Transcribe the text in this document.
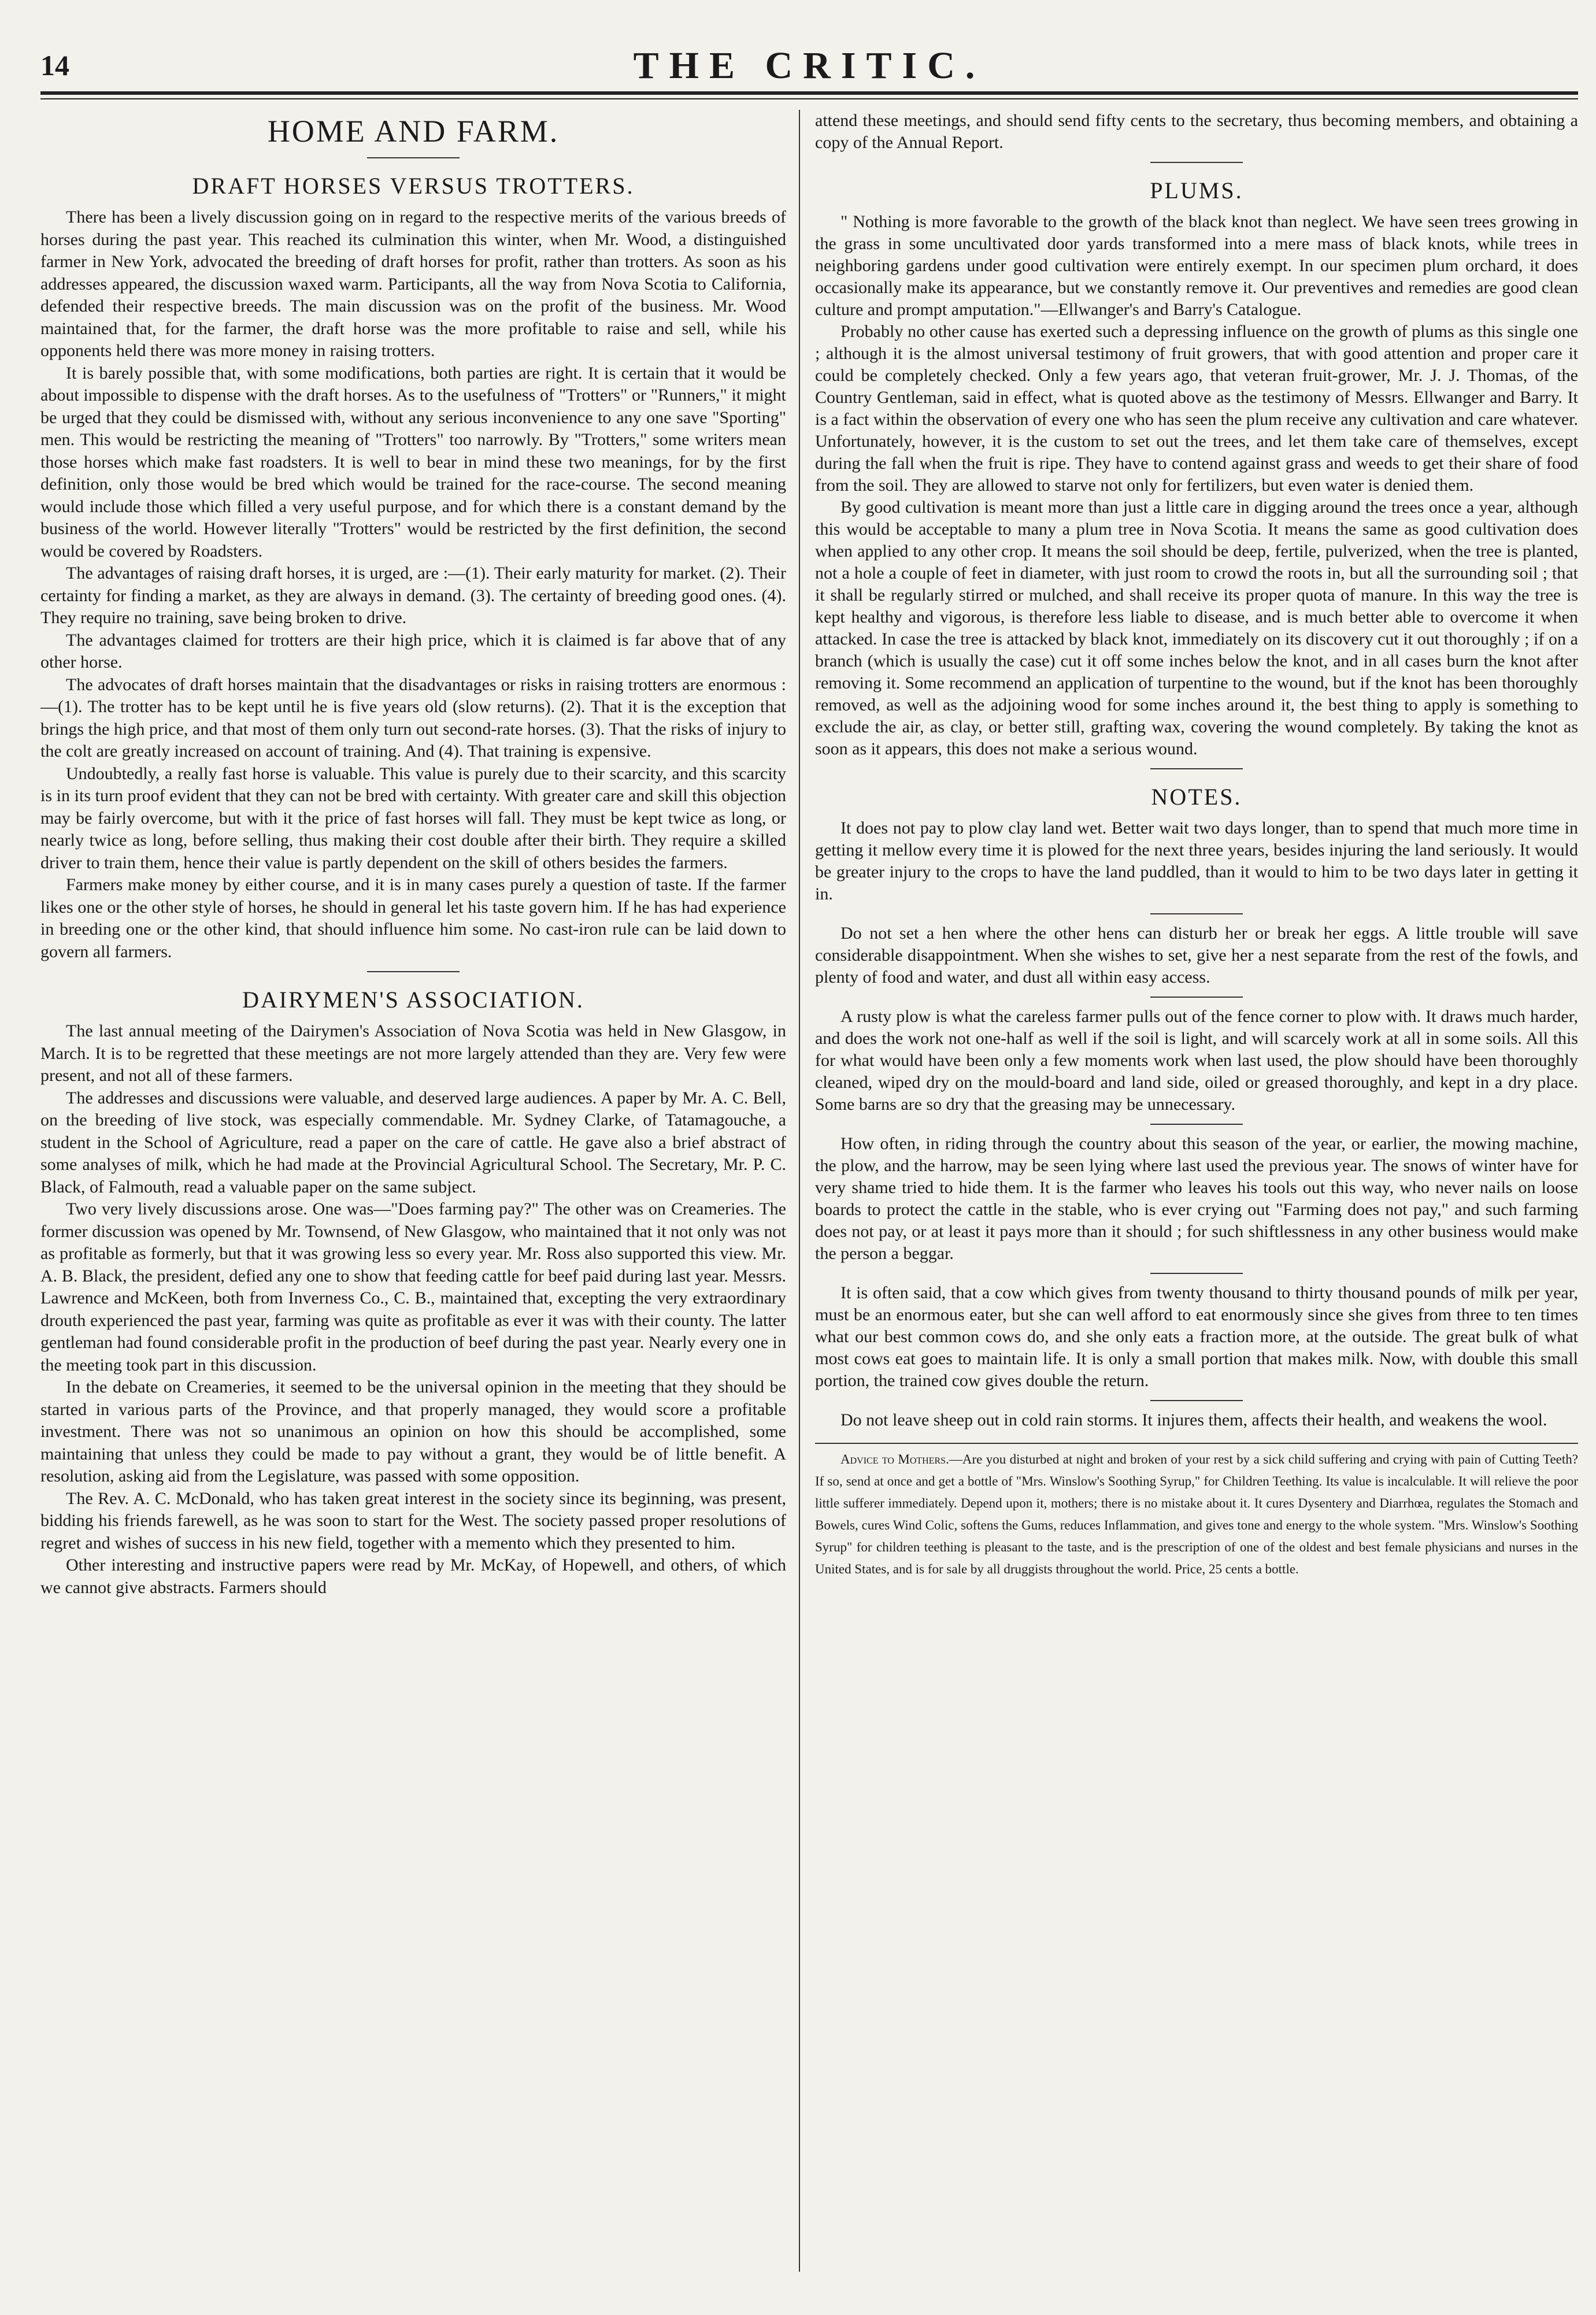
14	THE CRITIC.
HOME AND FARM.
DRAFT HORSES VERSUS TROTTERS.

There has been a lively discussion going on in regard to the respective merits of the various breeds of horses during the past year. This reached its culmination this winter, when Mr. Wood, a distinguished farmer in New York, advocated the breeding of draft horses for profit, rather than trotters. As soon as his addresses appeared, the discussion waxed warm. Participants, all the way from Nova Scotia to California, defended their respective breeds. The main discussion was on the profit of the business. Mr. Wood maintained that, for the farmer, the draft horse was the more profitable to raise and sell, while his opponents held there was more money in raising trotters.

It is barely possible that, with some modifications, both parties are right. It is certain that it would be about impossible to dispense with the draft horses. As to the usefulness of "Trotters" or "Runners," it might be urged that they could be dismissed with, without any serious inconvenience to any one save "Sporting" men. This would be restricting the meaning of "Trotters" too narrowly. By "Trotters," some writers mean those horses which make fast roadsters. It is well to bear in mind these two meanings, for by the first definition, only those would be bred which would be trained for the race-course. The second meaning would include those which filled a very useful purpose, and for which there is a constant demand by the business of the world. However literally "Trotters" would be restricted by the first definition, the second would be covered by Roadsters.

The advantages of raising draft horses, it is urged, are :—(1). Their early maturity for market. (2). Their certainty for finding a market, as they are always in demand. (3). The certainty of breeding good ones. (4). They require no training, save being broken to drive.

The advantages claimed for trotters are their high price, which it is claimed is far above that of any other horse.

The advocates of draft horses maintain that the disadvantages or risks in raising trotters are enormous :—(1). The trotter has to be kept until he is five years old (slow returns). (2). That it is the exception that brings the high price, and that most of them only turn out second-rate horses. (3). That the risks of injury to the colt are greatly increased on account of training. And (4). That training is expensive.

Undoubtedly, a really fast horse is valuable. This value is purely due to their scarcity, and this scarcity is in its turn proof evident that they can not be bred with certainty. With greater care and skill this objection may be fairly overcome, but with it the price of fast horses will fall. They must be kept twice as long, or nearly twice as long, before selling, thus making their cost double after their birth. They require a skilled driver to train them, hence their value is partly dependent on the skill of others besides the farmers.

Farmers make money by either course, and it is in many cases purely a question of taste. If the farmer likes one or the other style of horses, he should in general let his taste govern him. If he has had experience in breeding one or the other kind, that should influence him some. No cast-iron rule can be laid down to govern all farmers.

DAIRYMEN'S ASSOCIATION.

The last annual meeting of the Dairymen's Association of Nova Scotia was held in New Glasgow, in March. It is to be regretted that these meetings are not more largely attended than they are. Very few were present, and not all of these farmers.

The addresses and discussions were valuable, and deserved large audiences. A paper by Mr. A. C. Bell, on the breeding of live stock, was especially commendable. Mr. Sydney Clarke, of Tatamagouche, a student in the School of Agriculture, read a paper on the care of cattle. He gave also a brief abstract of some analyses of milk, which he had made at the Provincial Agricultural School. The Secretary, Mr. P. C. Black, of Falmouth, read a valuable paper on the same subject.

Two very lively discussions arose. One was—"Does farming pay?" The other was on Creameries. The former discussion was opened by Mr. Townsend, of New Glasgow, who maintained that it not only was not as profitable as formerly, but that it was growing less so every year. Mr. Ross also supported this view. Mr. A. B. Black, the president, defied any one to show that feeding cattle for beef paid during last year. Messrs. Lawrence and McKeen, both from Inverness Co., C. B., maintained that, excepting the very extraordinary drouth experienced the past year, farming was quite as profitable as ever it was with their county. The latter gentleman had found considerable profit in the production of beef during the past year. Nearly every one in the meeting took part in this discussion.

In the debate on Creameries, it seemed to be the universal opinion in the meeting that they should be started in various parts of the Province, and that properly managed, they would score a profitable investment. There was not so unanimous an opinion on how this should be accomplished, some maintaining that unless they could be made to pay without a grant, they would be of little benefit. A resolution, asking aid from the Legislature, was passed with some opposition.

The Rev. A. C. McDonald, who has taken great interest in the society since its beginning, was present, bidding his friends farewell, as he was soon to start for the West. The society passed proper resolutions of regret and wishes of success in his new field, together with a memento which they presented to him.

Other interesting and instructive papers were read by Mr. McKay, of Hopewell, and others, of which we cannot give abstracts. Farmers should

attend these meetings, and should send fifty cents to the secretary, thus becoming members, and obtaining a copy of the Annual Report.

PLUMS.

" Nothing is more favorable to the growth of the black knot than neglect. We have seen trees growing in the grass in some uncultivated door yards transformed into a mere mass of black knots, while trees in neighboring gardens under good cultivation were entirely exempt. In our specimen plum orchard, it does occasionally make its appearance, but we constantly remove it. Our preventives and remedies are good clean culture and prompt amputation."—Ellwanger's and Barry's Catalogue.

Probably no other cause has exerted such a depressing influence on the growth of plums as this single one ; although it is the almost universal testimony of fruit growers, that with good attention and proper care it could be completely checked. Only a few years ago, that veteran fruit-grower, Mr. J. J. Thomas, of the Country Gentleman, said in effect, what is quoted above as the testimony of Messrs. Ellwanger and Barry. It is a fact within the observation of every one who has seen the plum receive any cultivation and care whatever. Unfortunately, however, it is the custom to set out the trees, and let them take care of themselves, except during the fall when the fruit is ripe. They have to contend against grass and weeds to get their share of food from the soil. They are allowed to starve not only for fertilizers, but even water is denied them.

By good cultivation is meant more than just a little care in digging around the trees once a year, although this would be acceptable to many a plum tree in Nova Scotia. It means the same as good cultivation does when applied to any other crop. It means the soil should be deep, fertile, pulverized, when the tree is planted, not a hole a couple of feet in diameter, with just room to crowd the roots in, but all the surrounding soil ; that it shall be regularly stirred or mulched, and shall receive its proper quota of manure. In this way the tree is kept healthy and vigorous, is therefore less liable to disease, and is much better able to overcome it when attacked. In case the tree is attacked by black knot, immediately on its discovery cut it out thoroughly ; if on a branch (which is usually the case) cut it off some inches below the knot, and in all cases burn the knot after removing it. Some recommend an application of turpentine to the wound, but if the knot has been thoroughly removed, as well as the adjoining wood for some inches around it, the best thing to apply is something to exclude the air, as clay, or better still, grafting wax, covering the wound completely. By taking the knot as soon as it appears, this does not make a serious wound.

NOTES.

It does not pay to plow clay land wet. Better wait two days longer, than to spend that much more time in getting it mellow every time it is plowed for the next three years, besides injuring the land seriously. It would be greater injury to the crops to have the land puddled, than it would to him to be two days later in getting it in.

Do not set a hen where the other hens can disturb her or break her eggs. A little trouble will save considerable disappointment. When she wishes to set, give her a nest separate from the rest of the fowls, and plenty of food and water, and dust all within easy access.

A rusty plow is what the careless farmer pulls out of the fence corner to plow with. It draws much harder, and does the work not one-half as well if the soil is light, and will scarcely work at all in some soils. All this for what would have been only a few moments work when last used, the plow should have been thoroughly cleaned, wiped dry on the mould-board and land side, oiled or greased thoroughly, and kept in a dry place. Some barns are so dry that the greasing may be unnecessary.

How often, in riding through the country about this season of the year, or earlier, the mowing machine, the plow, and the harrow, may be seen lying where last used the previous year. The snows of winter have for very shame tried to hide them. It is the farmer who leaves his tools out this way, who never nails on loose boards to protect the cattle in the stable, who is ever crying out "Farming does not pay," and such farming does not pay, or at least it pays more than it should ; for such shiftlessness in any other business would make the person a beggar.

It is often said, that a cow which gives from twenty thousand to thirty thousand pounds of milk per year, must be an enormous eater, but she can well afford to eat enormously since she gives from three to ten times what our best common cows do, and she only eats a fraction more, at the outside. The great bulk of what most cows eat goes to maintain life. It is only a small portion that makes milk. Now, with double this small portion, the trained cow gives double the return.

Do not leave sheep out in cold rain storms. It injures them, affects their health, and weakens the wool.

Advice to Mothers.—Are you disturbed at night and broken of your rest by a sick child suffering and crying with pain of Cutting Teeth? If so, send at once and get a bottle of "Mrs. Winslow's Soothing Syrup," for Children Teething. Its value is incalculable. It will relieve the poor little sufferer immediately. Depend upon it, mothers; there is no mistake about it. It cures Dysentery and Diarrhœa, regulates the Stomach and Bowels, cures Wind Colic, softens the Gums, reduces Inflammation, and gives tone and energy to the whole system. "Mrs. Winslow's Soothing Syrup" for children teething is pleasant to the taste, and is the prescription of one of the oldest and best female physicians and nurses in the United States, and is for sale by all druggists throughout the world. Price, 25 cents a bottle.
